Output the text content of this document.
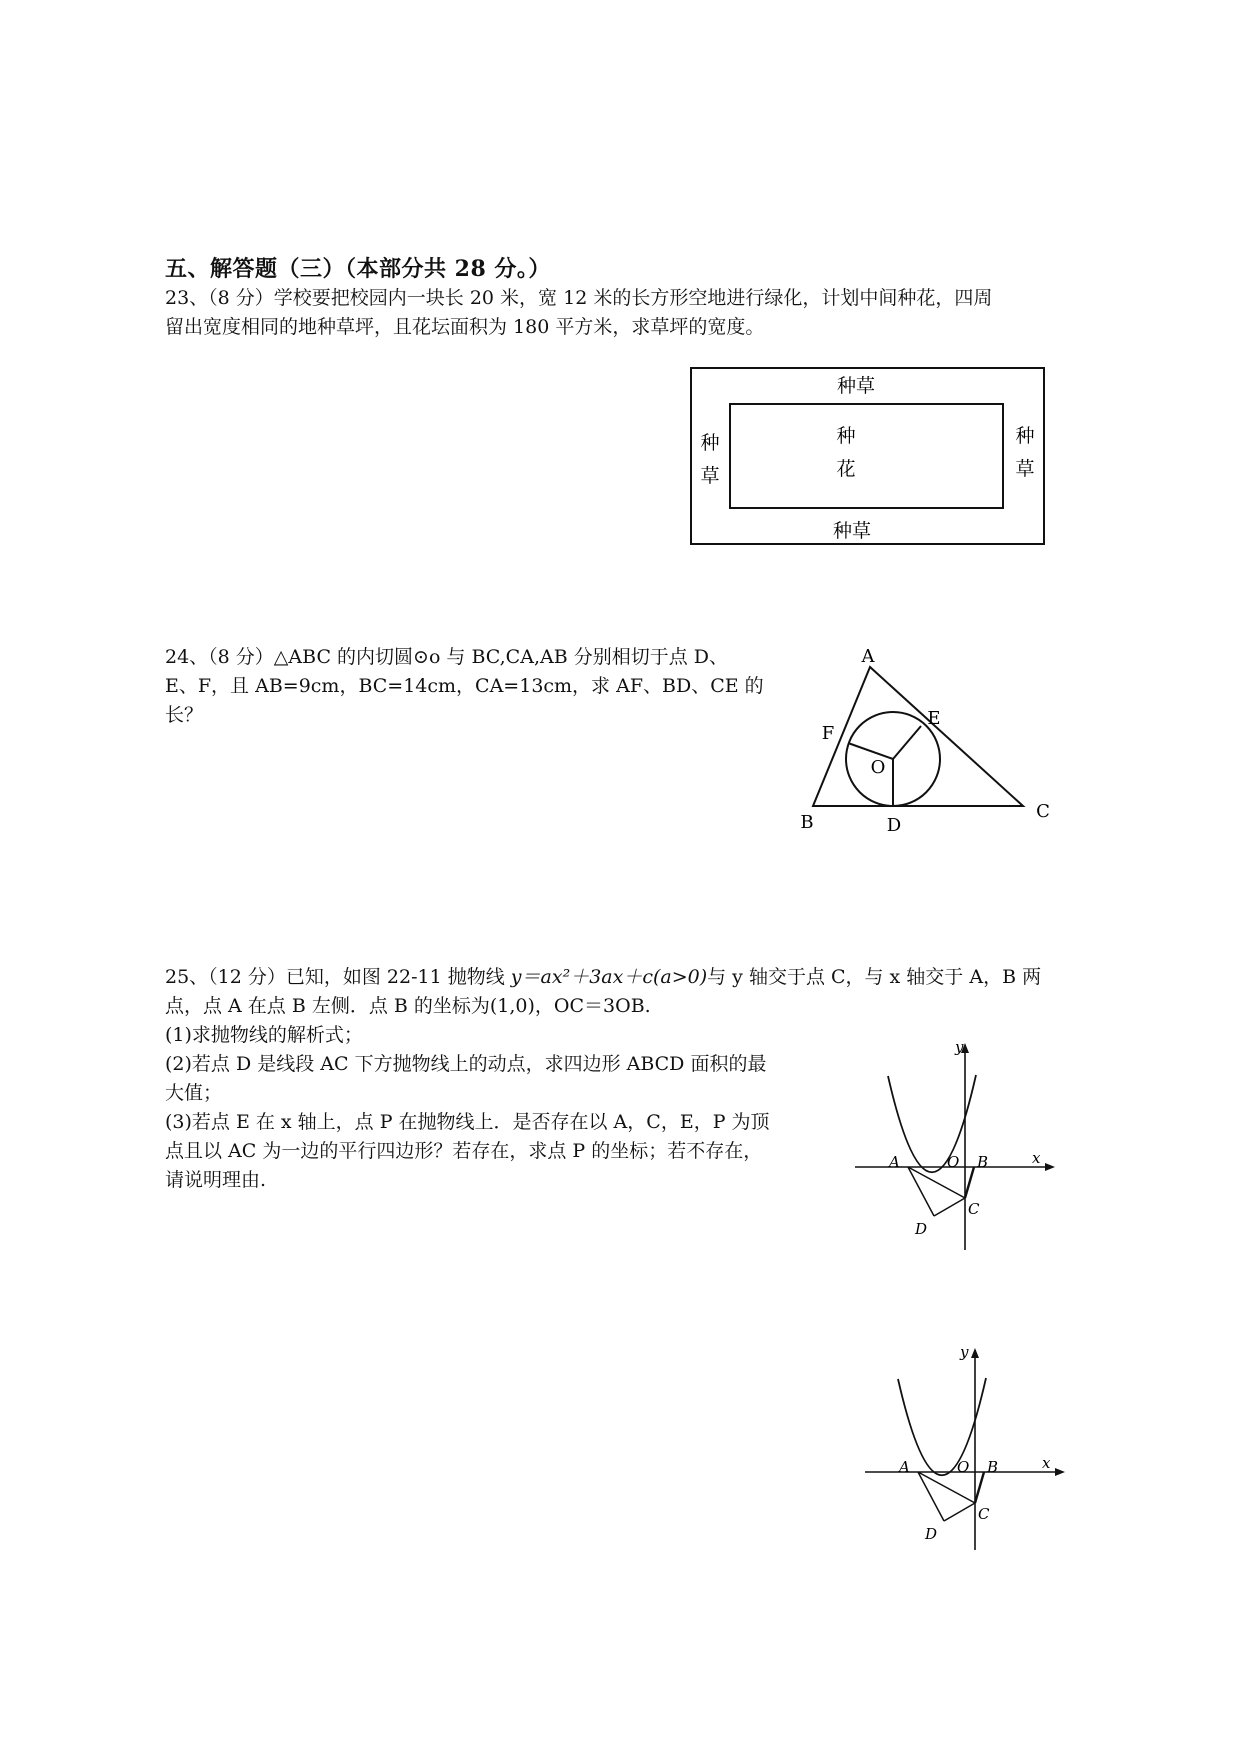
五、解答题（三）（本部分共 28 分。）

23、（8 分）学校要把校园内一块长 20 米，宽 12 米的长方形空地进行绿化，计划中间种花，四周

留出宽度相同的地种草坪，且花坛面积为 180 平方米，求草坪的宽度。

种草
种草
种
草
种
草
种
花

24、（8 分）△ABC 的内切圆⊙o 与 BC,CA,AB 分别相切于点 D、

E、F，且 AB=9cm，BC=14cm，CA=13cm，求 AF、BD、CE 的

长？

A
B
C
D
E
F
O

25、（12 分）已知，如图 22-11 抛物线 y＝ax²＋3ax＋c(a>0)与 y 轴交于点 C，与 x 轴交于 A，B 两

点，点 A 在点 B 左侧．点 B 的坐标为(1,0)，OC＝3OB.

(1)求抛物线的解析式；

(2)若点 D 是线段 AC 下方抛物线上的动点，求四边形 ABCD 面积的最

大值；

(3)若点 E 在 x 轴上，点 P 在抛物线上．是否存在以 A，C，E，P 为顶

点且以 AC 为一边的平行四边形？若存在，求点 P 的坐标；若不存在，

请说明理由.

y
x
A	O B
C
D
y
x
A	O B
C
D
